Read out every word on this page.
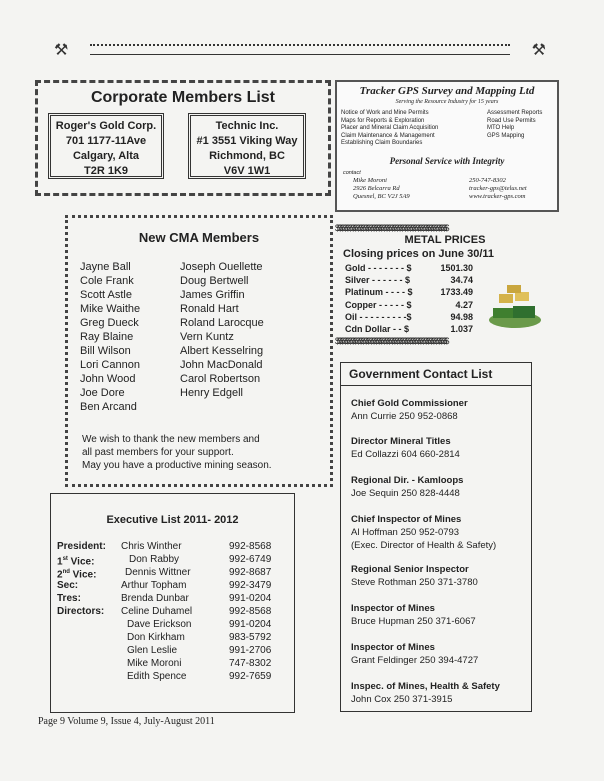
⚒	⚒
Corporate Members List
Roger's Gold Corp.
701 1177-11Ave
Calgary, Alta
T2R 1K9
Technic Inc.
#1 3551 Viking Way
Richmond, BC
V6V 1W1
Tracker GPS Survey and Mapping Ltd
Serving the Resource Industry for 15 years
Notice of Work and Mine Permits
Maps for Reports & Exploration
Placer and Mineral Claim Acquisition
Claim Maintenance & Management
Establishing Claim Boundaries
Assessment Reports
Road Use Permits
MTO Help
GPS Mapping
Personal Service with Integrity
contact
Mike Moroni
2926 Belcarra Rd
Quesnel, BC V2J 5A9
250-747-8302
tracker-gps@telus.net
www.tracker-gps.com
New CMA Members
Jayne Ball
Cole Frank
Scott Astle
Mike Waithe
Greg Dueck
Ray Blaine
Bill Wilson
Lori Cannon
John Wood
Joe Dore
Ben Arcand
Joseph Ouellette
Doug Bertwell
James Griffin
Ronald Hart
Roland Larocque
Vern Kuntz
Albert Kesselring
John MacDonald
Carol Robertson
Henry Edgell
We wish to thank the new members and
all past members for your support.
May you have a productive mining season.
$$$$$$$$$$$$$$$$$$$$$$$$$$$$$$$$$$$$$$$$$$$
METAL PRICES
Closing prices on June 30/11
Gold - - - - - - - $	1501.30
Silver - - - - - - $	34.74
Platinum - - - - $	1733.49
Copper - - - - - $	4.27
Oil - - - - - - - - -$	94.98
Cdn Dollar - - $	1.037
$$$$$$$$$$$$$$$$$$$$$$$$$$$$$$$$$$$$$$$$$$$
Government Contact List
Chief Gold Commissioner
Ann Currie 250 952-0868
Director Mineral Titles
Ed Collazzi 604 660-2814
Regional Dir. - Kamloops
Joe Sequin 250 828-4448
Chief Inspector of Mines
Al Hoffman 250 952-0793
(Exec. Director of Health & Safety)
Regional Senior Inspector
Steve Rothman 250 371-3780
Inspector of Mines
Bruce Hupman 250 371-6067
Inspector of Mines
Grant Feldinger 250 394-4727
Inspec. of Mines, Health & Safety
John Cox 250 371-3915
Executive List 2011- 2012
President:	Chris Winther	992-8568
1st Vice:	Don Rabby	992-6749
2nd Vice:	Dennis Wittner	992-8687
Sec:	Arthur Topham	992-3479
Tres:	Brenda Dunbar	991-0204
Directors:	Celine Duhamel	992-8568
Dave Erickson	991-0204
Don Kirkham	983-5792
Glen Leslie	991-2706
Mike Moroni	747-8302
Edith Spence	992-7659
Page 9 Volume 9, Issue 4, July-August 2011
